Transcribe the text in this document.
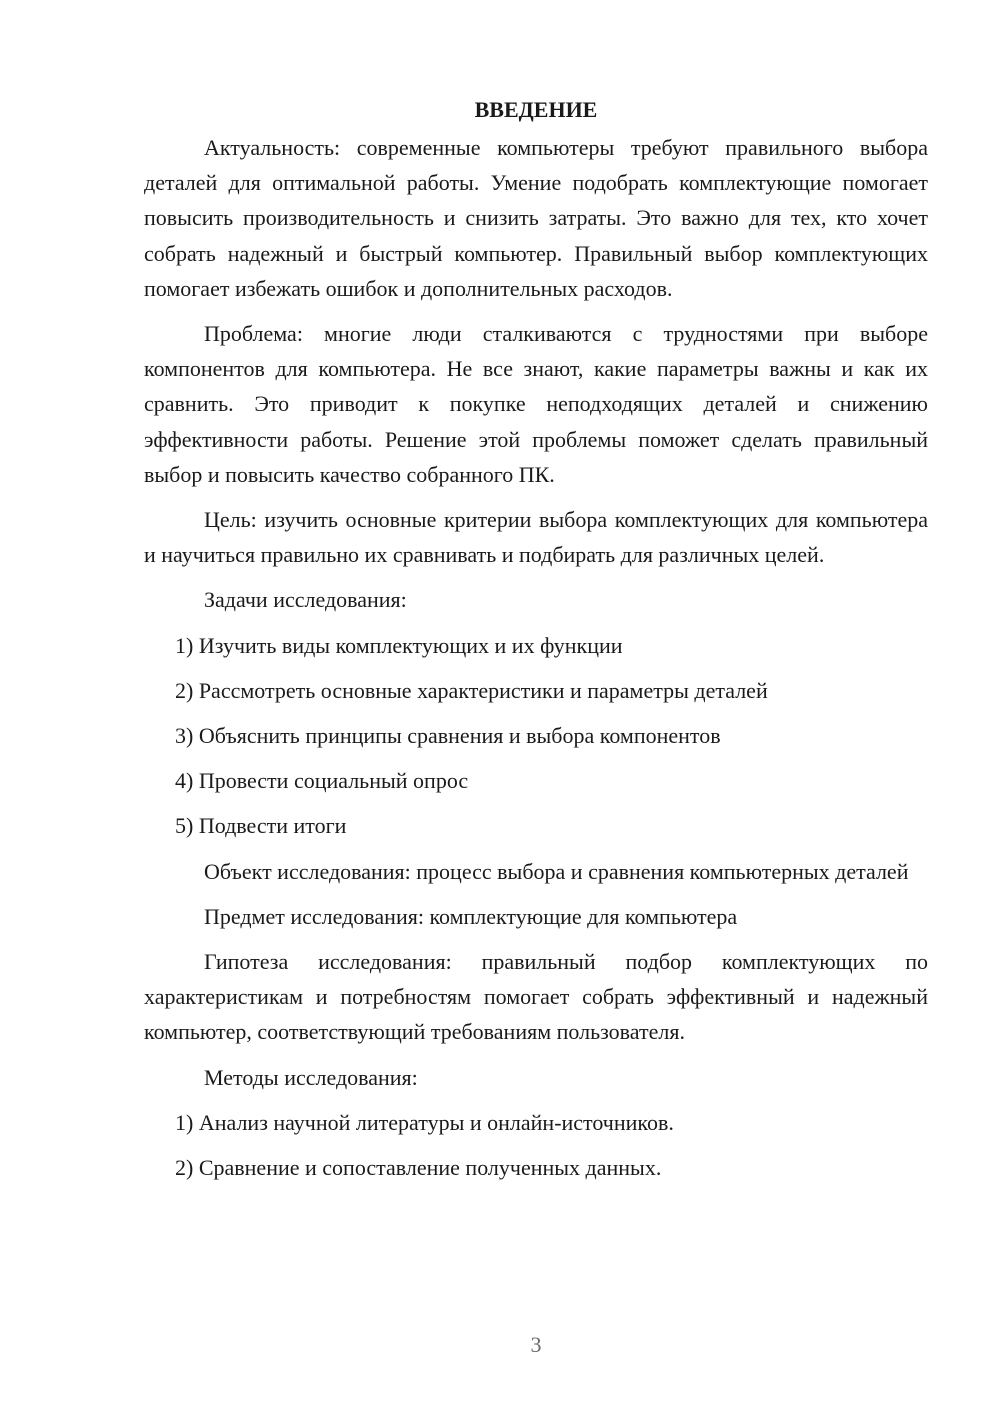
ВВЕДЕНИЕ

Актуальность: современные компьютеры требуют правильного выбора деталей для оптимальной работы. Умение подобрать комплектующие помогает повысить производительность и снизить затраты. Это важно для тех, кто хочет собрать надежный и быстрый компьютер. Правильный выбор комплектующих помогает избежать ошибок и дополнительных расходов.

Проблема: многие люди сталкиваются с трудностями при выборе компонентов для компьютера. Не все знают, какие параметры важны и как их сравнить. Это приводит к покупке неподходящих деталей и снижению эффективности работы. Решение этой проблемы поможет сделать правильный выбор и повысить качество собранного ПК.

Цель: изучить основные критерии выбора комплектующих для компьютера и научиться правильно их сравнивать и подбирать для различных целей.

Задачи исследования:

1) Изучить виды комплектующих и их функции

2) Рассмотреть основные характеристики и параметры деталей

3) Объяснить принципы сравнения и выбора компонентов

4) Провести социальный опрос

5) Подвести итоги

Объект исследования: процесс выбора и сравнения компьютерных деталей

Предмет исследования: комплектующие для компьютера

Гипотеза исследования: правильный подбор комплектующих по характеристикам и потребностям помогает собрать эффективный и надежный компьютер, соответствующий требованиям пользователя.

Методы исследования:

1) Анализ научной литературы и онлайн-источников.

2) Сравнение и сопоставление полученных данных.

3
